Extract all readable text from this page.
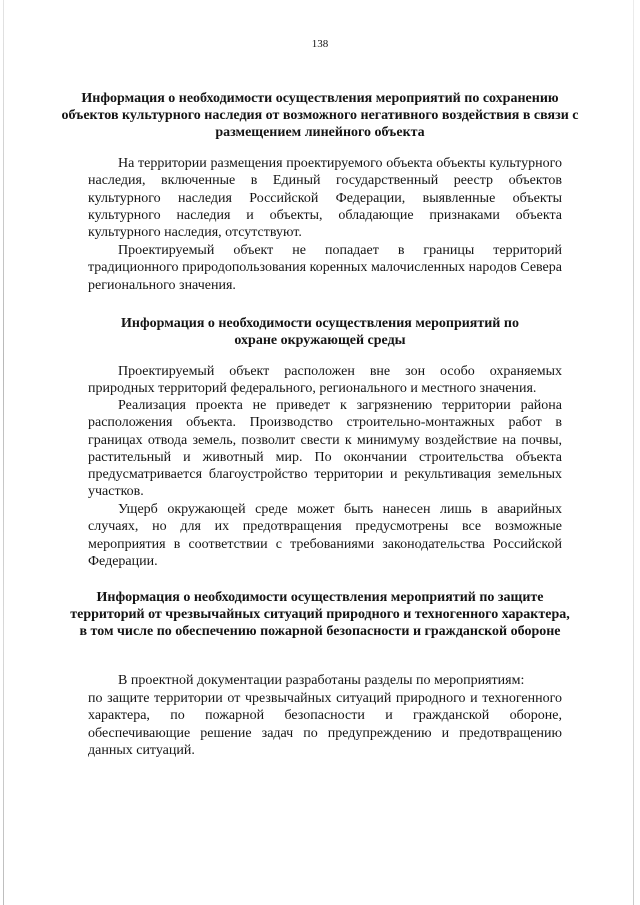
138
Информация о необходимости осуществления мероприятий по сохранению объектов культурного наследия от возможного негативного воздействия в связи с размещением линейного объекта
На территории размещения проектируемого объекта объекты культурного наследия, включенные в Единый государственный реестр объектов культурного наследия Российской Федерации, выявленные объекты культурного наследия и объекты, обладающие признаками объекта культурного наследия, отсутствуют.
Проектируемый объект не попадает в границы территорий традиционного природопользования коренных малочисленных народов Севера регионального значения.
Информация о необходимости осуществления мероприятий по охране окружающей среды
Проектируемый объект расположен вне зон особо охраняемых природных территорий федерального, регионального и местного значения.
Реализация проекта не приведет к загрязнению территории района расположения объекта. Производство строительно-монтажных работ в границах отвода земель, позволит свести к минимуму воздействие на почвы, растительный и животный мир. По окончании строительства объекта предусматривается благоустройство территории и рекультивация земельных участков.
Ущерб окружающей среде может быть нанесен лишь в аварийных случаях, но для их предотвращения предусмотрены все возможные мероприятия в соответствии с требованиями законодательства Российской Федерации.
Информация о необходимости осуществления мероприятий по защите территорий от чрезвычайных ситуаций природного и техногенного характера, в том числе по обеспечению пожарной безопасности и гражданской обороне
В проектной документации разработаны разделы по мероприятиям:
по защите территории от чрезвычайных ситуаций природного и техногенного характера, по пожарной безопасности и гражданской обороне, обеспечивающие решение задач по предупреждению и предотвращению данных ситуаций.
